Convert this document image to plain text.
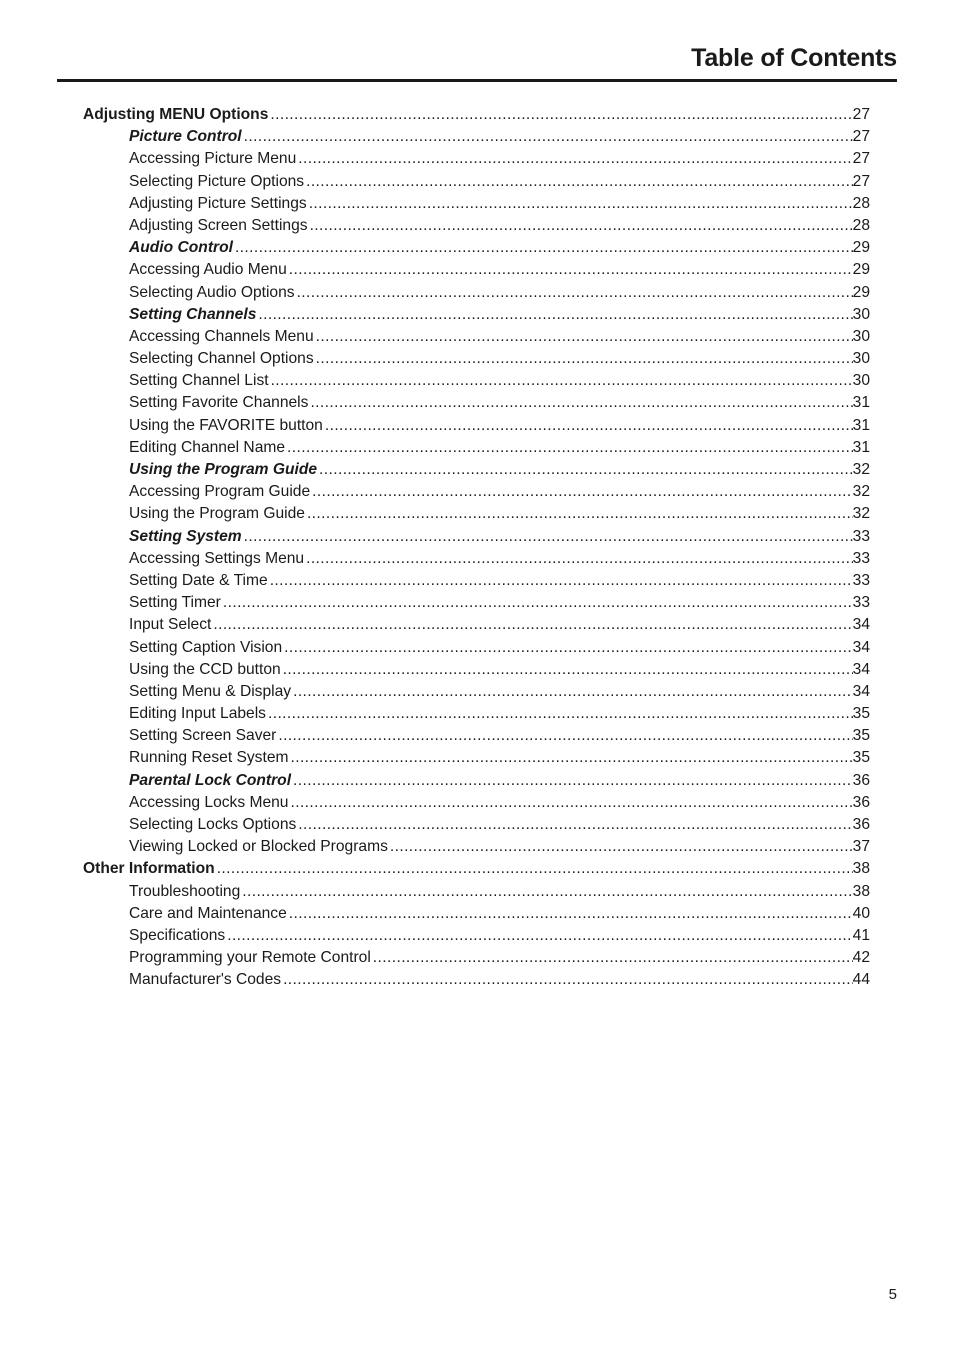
Table of Contents
Adjusting MENU Options .....	27
Picture Control .....	27
Accessing Picture Menu .....	27
Selecting Picture Options .....	27
Adjusting Picture Settings .....	28
Adjusting Screen Settings .....	28
Audio Control .....	29
Accessing Audio Menu .....	29
Selecting Audio Options .....	29
Setting Channels .....	30
Accessing Channels Menu .....	30
Selecting Channel Options .....	30
Setting Channel List .....	30
Setting Favorite Channels .....	31
Using the FAVORITE button .....	31
Editing Channel Name .....	31
Using the Program Guide .....	32
Accessing Program Guide .....	32
Using the Program Guide .....	32
Setting System .....	33
Accessing Settings Menu .....	33
Setting Date & Time .....	33
Setting Timer .....	33
Input Select .....	34
Setting Caption Vision .....	34
Using the CCD button .....	34
Setting Menu & Display .....	34
Editing Input Labels .....	35
Setting Screen Saver .....	35
Running Reset System .....	35
Parental Lock Control .....	36
Accessing Locks Menu .....	36
Selecting Locks Options .....	36
Viewing Locked or Blocked Programs .....	37
Other Information .....	38
Troubleshooting .....	38
Care and Maintenance .....	40
Specifications .....	41
Programming your Remote Control .....	42
Manufacturer's Codes .....	44
5
